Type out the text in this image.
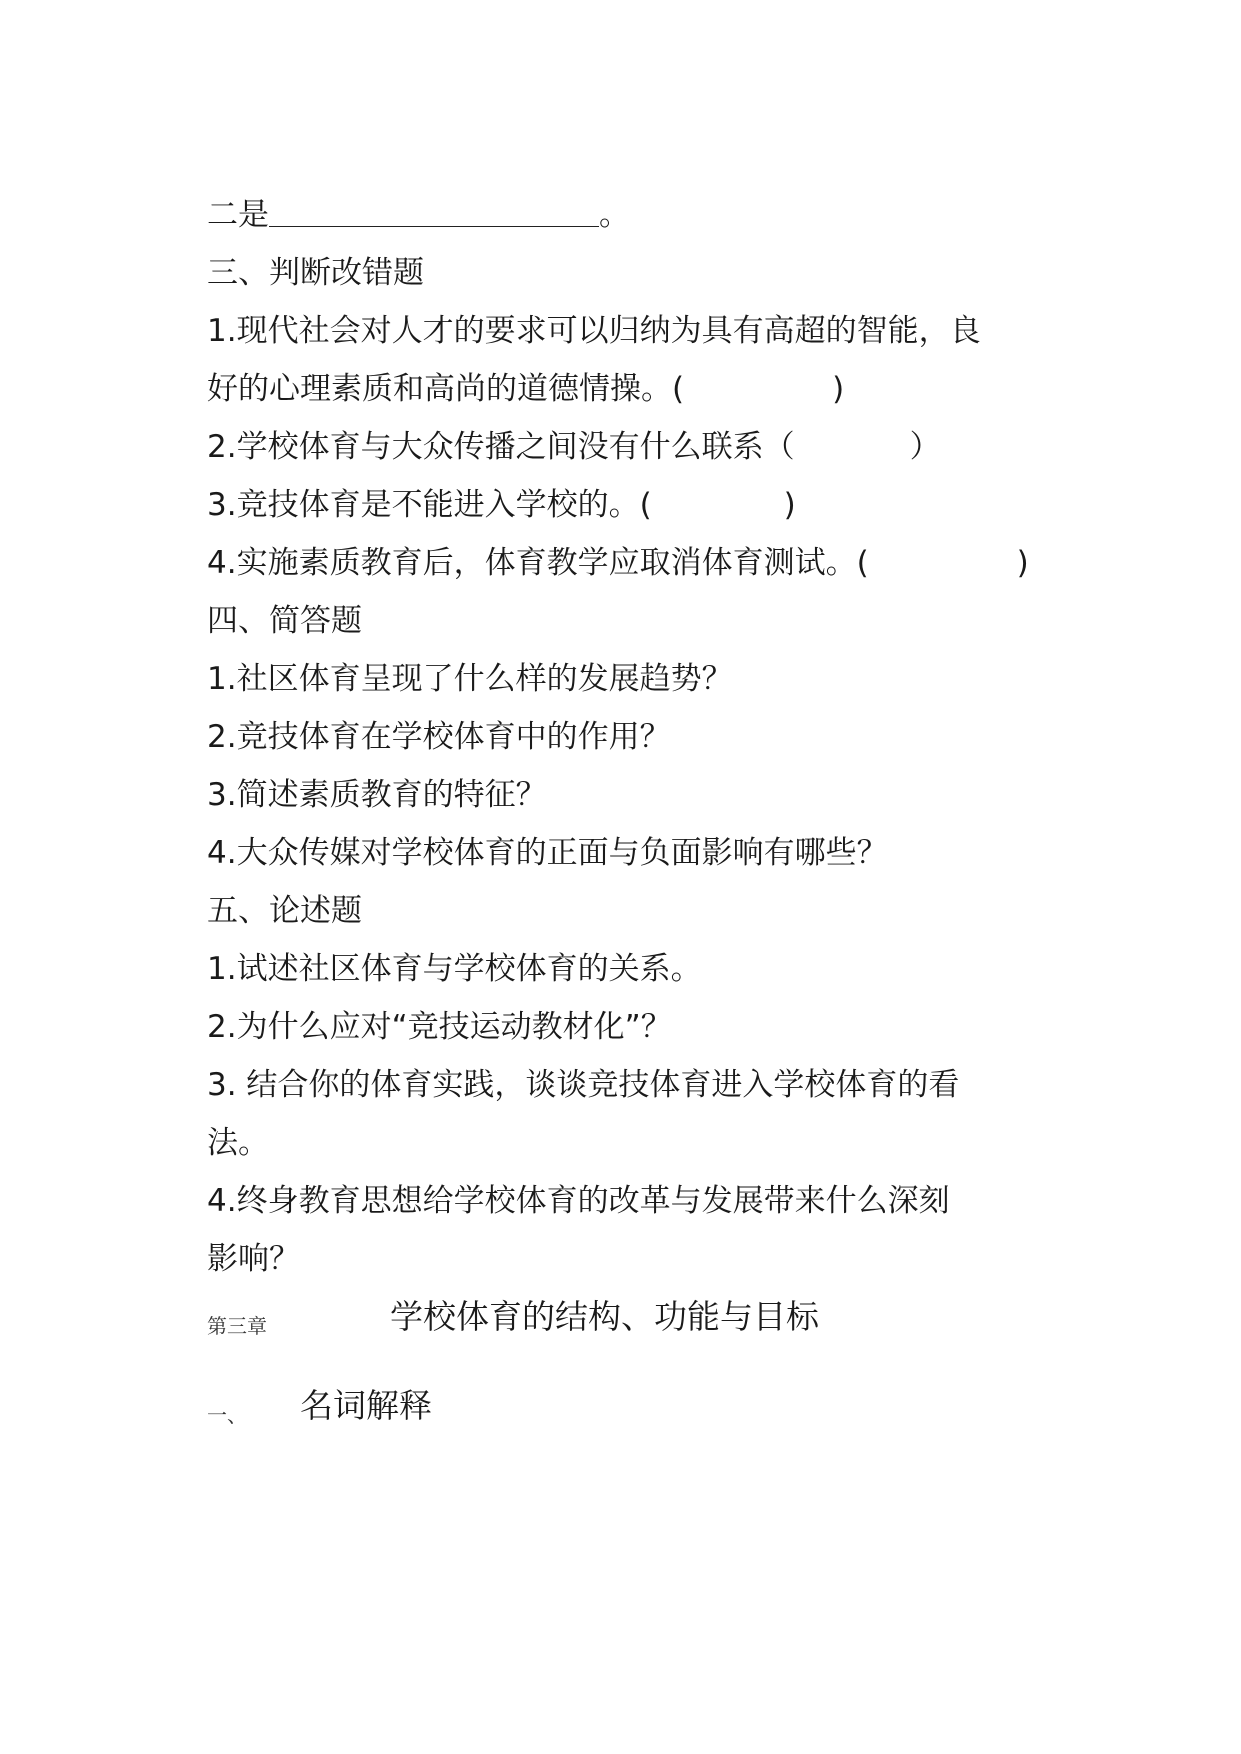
二是	。
三、判断改错题
1.现代社会对人才的要求可以归纳为具有高超的智能，良
好的心理素质和高尚的道德情操。(	)
2.学校体育与大众传播之间没有什么联系（	）
3.竞技体育是不能进入学校的。(	)
4.实施素质教育后，体育教学应取消体育测试。(	)
四、简答题
1.社区体育呈现了什么样的发展趋势？
2.竞技体育在学校体育中的作用？
3.简述素质教育的特征？
4.大众传媒对学校体育的正面与负面影响有哪些？
五、论述题
1.试述社区体育与学校体育的关系。
2.为什么应对“竞技运动教材化”？
3. 结合你的体育实践，谈谈竞技体育进入学校体育的看
法。
4.终身教育思想给学校体育的改革与发展带来什么深刻
影响？
第三章	学校体育的结构、功能与目标
一、 名词解释
